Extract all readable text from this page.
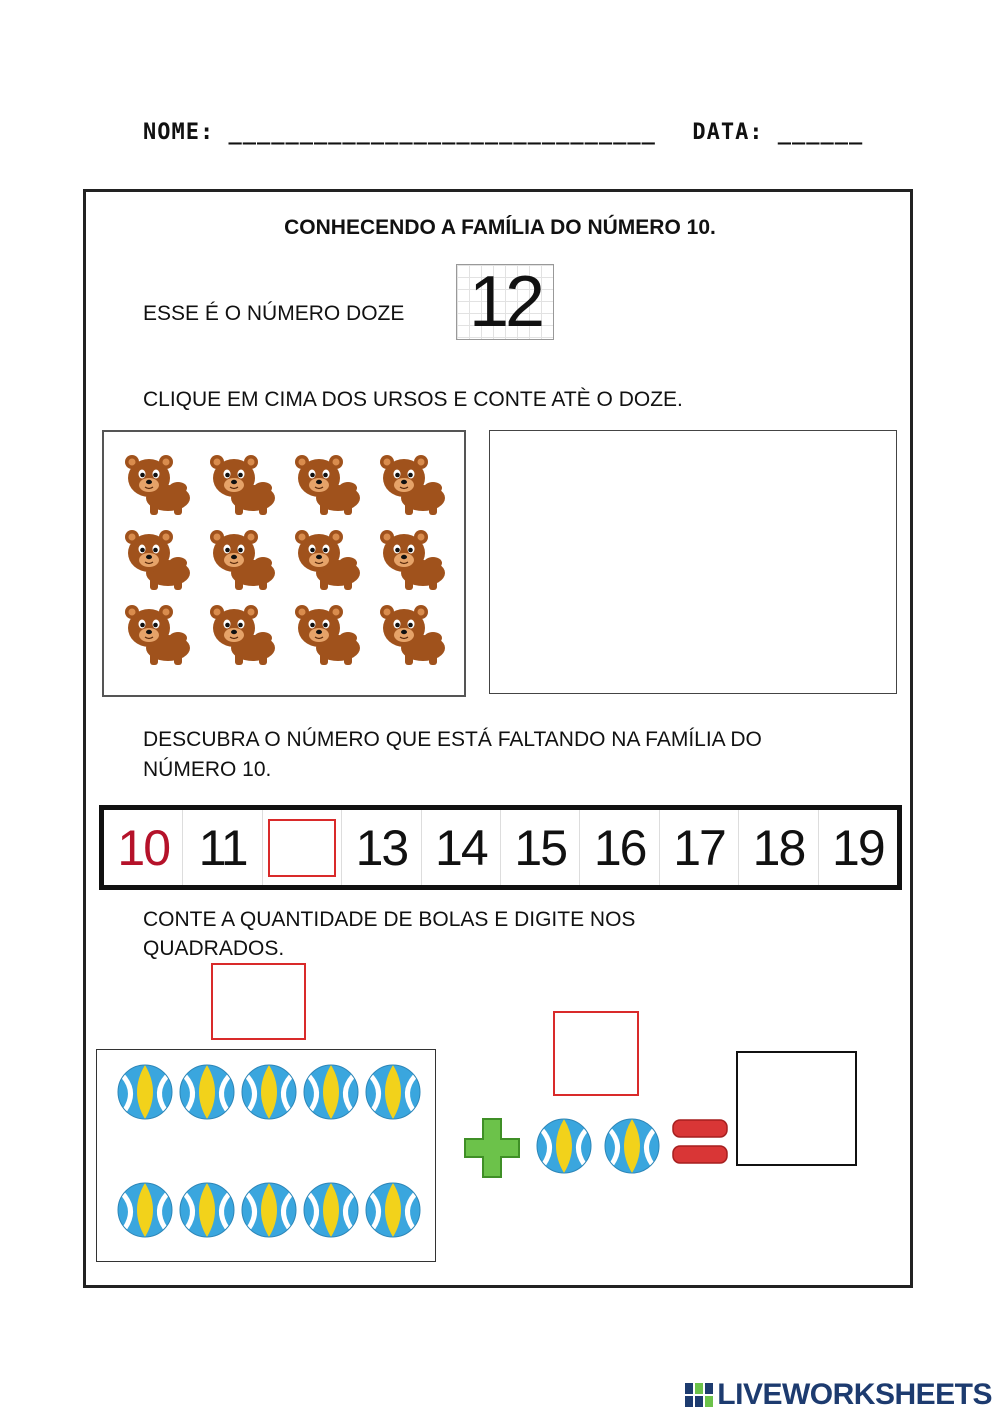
NOME: ______________________________ DATA: ______
CONHECENDO A FAMÍLIA DO NÚMERO 10.
ESSE É O NÚMERO DOZE 12
CLIQUE EM CIMA DOS URSOS E CONTE ATÈ O DOZE.
DESCUBRA O NÚMERO QUE ESTÁ FALTANDO NA FAMÍLIA DO
NÚMERO 10.
10 11	13 14 15 16 17 18 19
CONTE A QUANTIDADE DE BOLAS E DIGITE NOS
QUADRADOS.
LIVEWORKSHEETS
